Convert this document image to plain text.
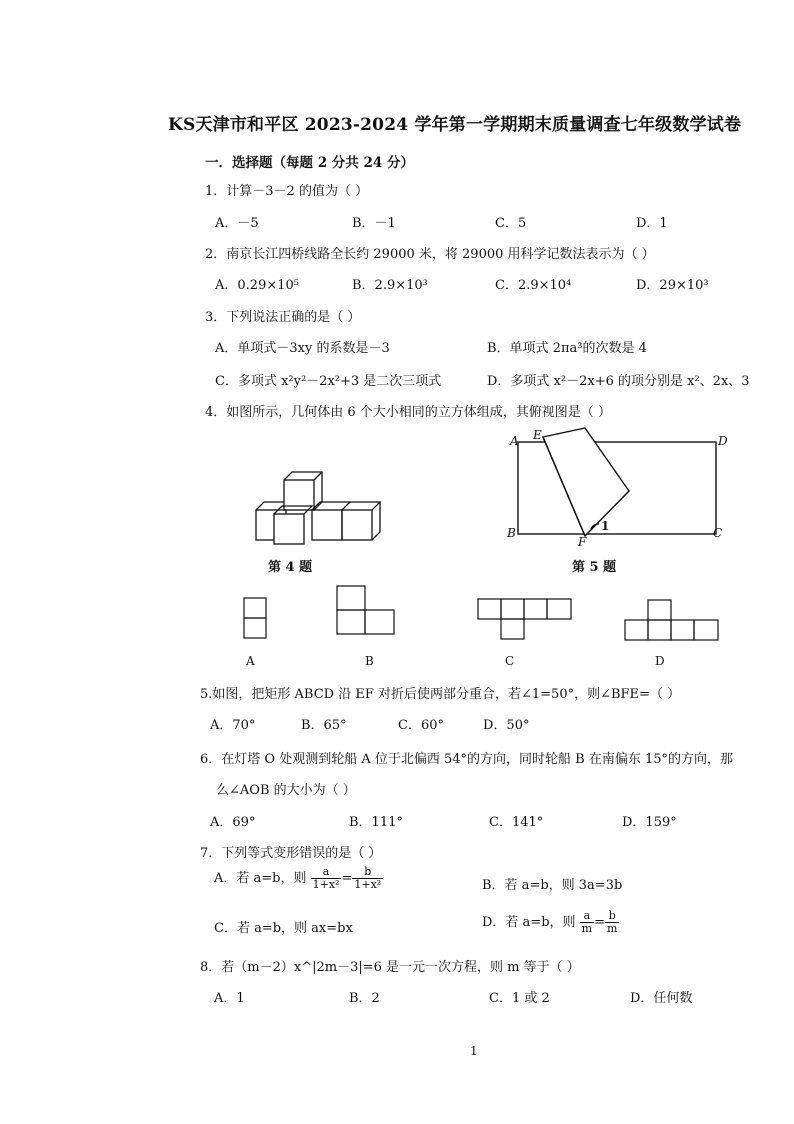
KS天津市和平区 2023-2024 学年第一学期期末质量调查七年级数学试卷
一．选择题（每题 2 分共 24 分）
1．计算－3－2 的值为（ ）
A．－5	B．－1	C．5	D．1
2．南京长江四桥线路全长约 29000 米，将 29000 用科学记数法表示为（ ）
A．0.29×10⁵	B．2.9×10³	C．2.9×10⁴	D．29×10³
3．下列说法正确的是（ ）
A．单项式－3xy 的系数是－3	B．单项式 2πa³的次数是 4
C．多项式 x²y²－2x²+3 是二次三项式	D．多项式 x²－2x+6 的项分别是 x²、2x、3
4．如图所示，几何体由 6 个大小相同的立方体组成，其俯视图是（ ）
第 4 题
A E	D
B
F
C
1
第 5 题
A	B	C	D
5.如图，把矩形 ABCD 沿 EF 对折后使两部分重合，若∠1=50°，则∠BFE=（ ）
A．70°	B．65°	C．60°	D．50°
6．在灯塔 O 处观测到轮船 A 位于北偏西 54°的方向，同时轮船 B 在南偏东 15°的方向，那
么∠AOB 的大小为（ ）
A．69°	B．111°	C．141°	D．159°
7．下列等式变形错误的是（ ）
A．若 a=b，则 $\frac{a}{\text{1+x²}} = \frac{b}{\text{1+x²}}$	B．若 a=b，则 3a=3b
C．若 a=b，则 ax=bx	D．若 a=b，则 $\frac{a}{m} = \frac{b}{m}$
8．若（m－2）x^|2m－3|=6 是一元一次方程，则 m 等于（ ）
A．1	B．2	C．1 或 2	D．任何数
1
